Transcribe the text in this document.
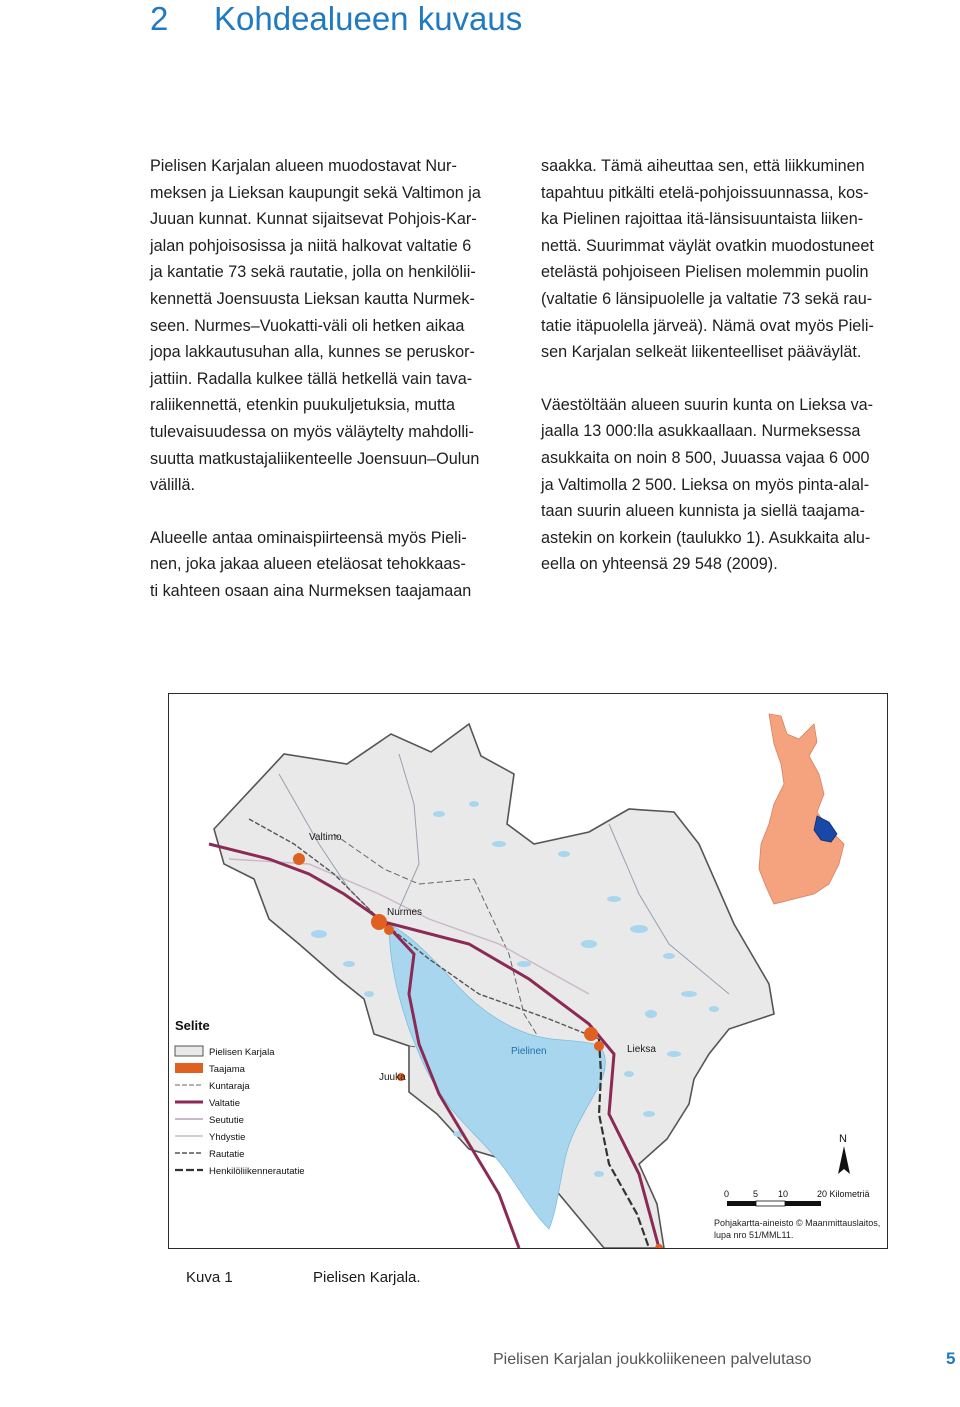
2 Kohdealueen kuvaus

Pielisen Karjalan alueen muodostavat Nur-
meksen ja Lieksan kaupungit sekä Valtimon ja
Juuan kunnat. Kunnat sijaitsevat Pohjois-Kar-
jalan pohjoisosissa ja niitä halkovat valtatie 6
ja kantatie 73 sekä rautatie, jolla on henkilölii-
kennettä Joensuusta Lieksan kautta Nurmek-
seen. Nurmes–Vuokatti-väli oli hetken aikaa
jopa lakkautusuhan alla, kunnes se peruskor-
jattiin. Radalla kulkee tällä hetkellä vain tava-
raliikennettä, etenkin puukuljetuksia, mutta
tulevaisuudessa on myös väläytelty mahdolli-
suutta matkustajaliikenteelle Joensuun–Oulun
välillä.

Alueelle antaa ominaispiirteensä myös Pieli-
nen, joka jakaa alueen eteläosat tehokkaas-
ti kahteen osaan aina Nurmeksen taajamaan

saakka. Tämä aiheuttaa sen, että liikkuminen
tapahtuu pitkälti etelä-pohjoissuunnassa, kos-
ka Pielinen rajoittaa itä-länsisuuntaista liiken-
nettä. Suurimmat väylät ovatkin muodostuneet
etelästä pohjoiseen Pielisen molemmin puolin
(valtatie 6 länsipuolelle ja valtatie 73 sekä rau-
tatie itäpuolella järveä). Nämä ovat myös Pieli-
sen Karjalan selkeät liikenteelliset pääväylät.

Väestöltään alueen suurin kunta on Lieksa va-
jaalla 13 000:lla asukkaallaan. Nurmeksessa
asukkaita on noin 8 500, Juuassa vajaa 6 000
ja Valtimolla 2 500. Lieksa on myös pinta-alal-
taan suurin alueen kunnista ja siellä taajama-
astekin on korkein (taulukko 1). Asukkaita alu-
eella on yhteensä 29 548 (2009).

Valtimo
Nurmes
Juuka
Pielinen	Lieksa
Selite
Pielisen Karjala
Taajama
Kuntaraja
Valtatie
Seututie
Yhdystie
Rautatie
Henkilöliikennerautatie
N
0	5 10	20 Kilometriä
Pohjakartta-aineisto © Maanmittauslaitos,
lupa nro 51/MML11.
Kuva 1	Pielisen Karjala.
Pielisen Karjalan joukkoliikeneen palvelutaso	5
